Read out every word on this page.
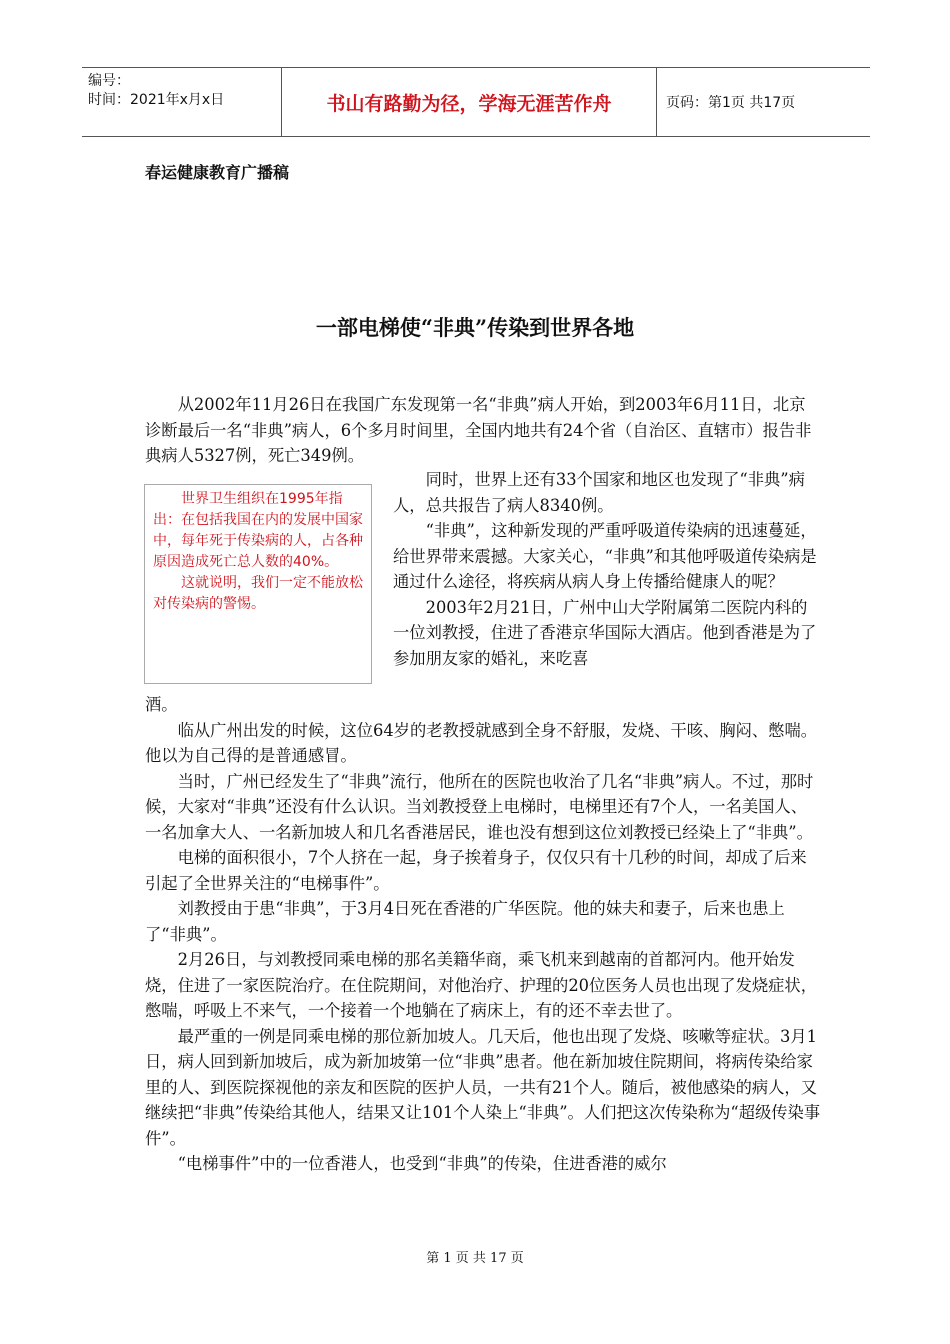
编号：
时间：2021年x月x日	书山有路勤为径，学海无涯苦作舟	页码：第1页 共17页
春运健康教育广播稿
一部电梯使“非典”传染到世界各地

从2002年11月26日在我国广东发现第一名“非典”病人开始，到2003年6月11日，北京诊断最后一名“非典”病人，6个多月时间里，全国内地共有24个省（自治区、直辖市）报告非典病人5327例，死亡349例。

同时，世界上还有33个国家和地区也发现了“非典”病人，总共报告了病人8340例。

“非典”，这种新发现的严重呼吸道传染病的迅速蔓延，给世界带来震撼。大家关心，“非典”和其他呼吸道传染病是通过什么途径，将疾病从病人身上传播给健康人的呢？

2003年2月21日，广州中山大学附属第二医院内科的一位刘教授，住进了香港京华国际大酒店。他到香港是为了参加朋友家的婚礼，来吃喜

世界卫生组织在1995年指出：在包括我国在内的发展中国家中，每年死于传染病的人，占各种原因造成死亡总人数的40%。

这就说明，我们一定不能放松对传染病的警惕。

酒。

临从广州出发的时候，这位64岁的老教授就感到全身不舒服，发烧、干咳、胸闷、憋喘。他以为自己得的是普通感冒。

当时，广州已经发生了“非典”流行，他所在的医院也收治了几名“非典”病人。不过，那时候，大家对“非典”还没有什么认识。当刘教授登上电梯时，电梯里还有7个人，一名美国人、一名加拿大人、一名新加坡人和几名香港居民，谁也没有想到这位刘教授已经染上了“非典”。

电梯的面积很小，7个人挤在一起，身子挨着身子，仅仅只有十几秒的时间，却成了后来引起了全世界关注的“电梯事件”。

刘教授由于患“非典”，于3月4日死在香港的广华医院。他的妹夫和妻子，后来也患上了“非典”。

2月26日，与刘教授同乘电梯的那名美籍华商，乘飞机来到越南的首都河内。他开始发烧，住进了一家医院治疗。在住院期间，对他治疗、护理的20位医务人员也出现了发烧症状，憋喘，呼吸上不来气，一个接着一个地躺在了病床上，有的还不幸去世了。

最严重的一例是同乘电梯的那位新加坡人。几天后，他也出现了发烧、咳嗽等症状。3月1日，病人回到新加坡后，成为新加坡第一位“非典”患者。他在新加坡住院期间，将病传染给家里的人、到医院探视他的亲友和医院的医护人员，一共有21个人。随后，被他感染的病人，又继续把“非典”传染给其他人，结果又让101个人染上“非典”。人们把这次传染称为“超级传染事件”。

“电梯事件”中的一位香港人，也受到“非典”的传染，住进香港的威尔

第 1 页 共 17 页
